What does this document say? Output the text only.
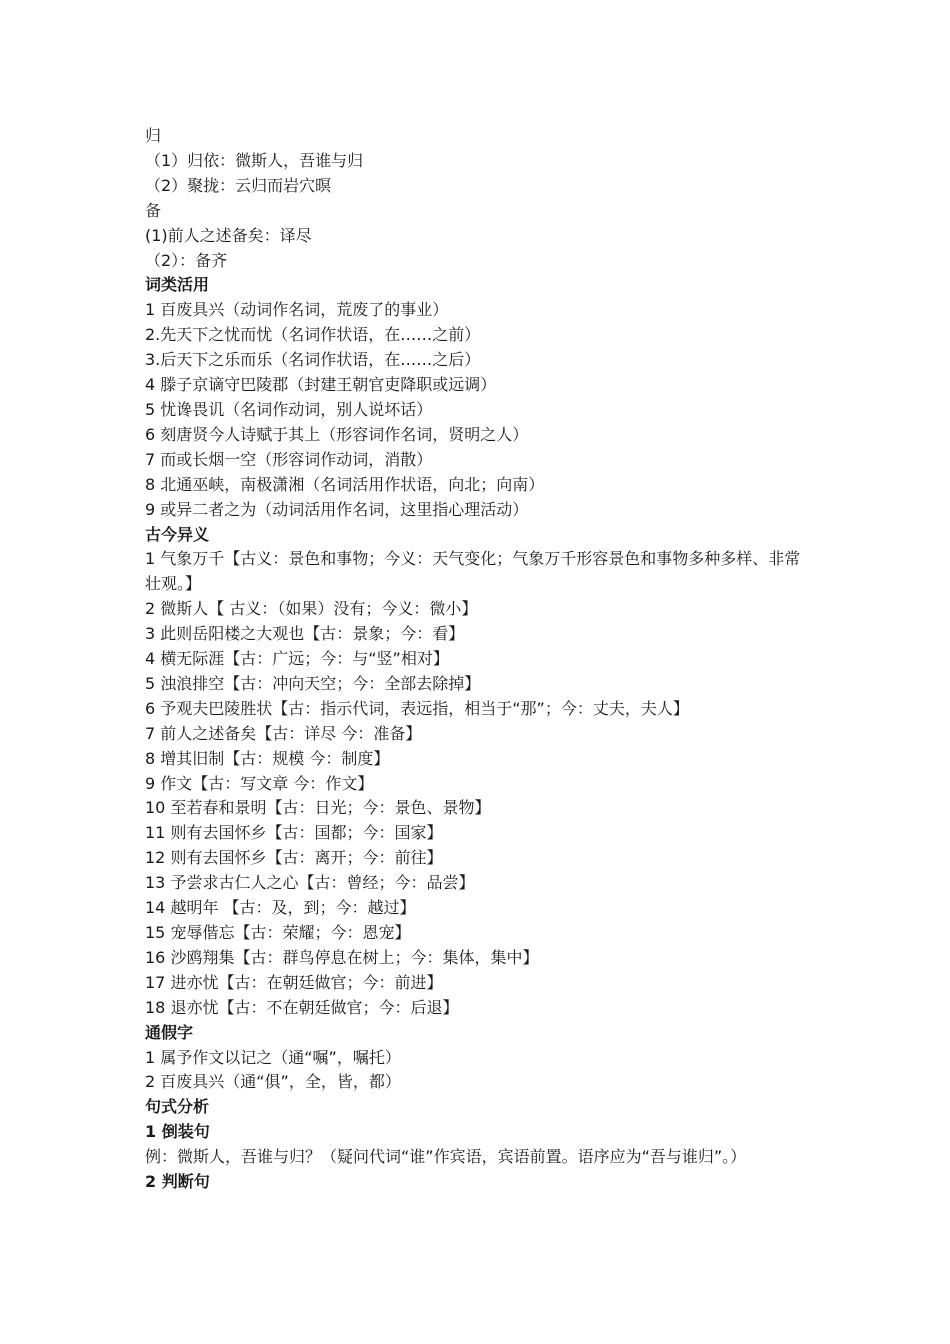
归
（1）归依：微斯人，吾谁与归
（2）聚拢：云归而岩穴暝
备
(1)前人之述备矣：译尽
（2）：备齐
词类活用
1 百废具兴（动词作名词，荒废了的事业）
2.先天下之忧而忧（名词作状语，在……之前）
3.后天下之乐而乐（名词作状语，在……之后）
4 滕子京谪守巴陵郡（封建王朝官吏降职或远调）
5 忧谗畏讥（名词作动词，别人说坏话）
6 刻唐贤今人诗赋于其上（形容词作名词，贤明之人）
7 而或长烟一空（形容词作动词，消散）
8 北通巫峡，南极潇湘（名词活用作状语，向北；向南）
9 或异二者之为（动词活用作名词，这里指心理活动）
古今异义
1 气象万千【古义：景色和事物；今义：天气变化；气象万千形容景色和事物多种多样、非常壮观。】
2 微斯人【 古义：（如果）没有；今义：微小】
3 此则岳阳楼之大观也【古：景象；今：看】
4 横无际涯【古：广远；今：与“竖”相对】
5 浊浪排空【古：冲向天空；今：全部去除掉】
6 予观夫巴陵胜状【古：指示代词，表远指，相当于“那”；今：丈夫，夫人】
7 前人之述备矣【古：详尽 今：准备】
8 增其旧制【古：规模 今：制度】
9 作文【古：写文章 今：作文】
10 至若春和景明【古：日光；今：景色、景物】
11 则有去国怀乡【古：国都；今：国家】
12 则有去国怀乡【古：离开；今：前往】
13 予尝求古仁人之心【古：曾经；今：品尝】
14 越明年 【古：及，到；今：越过】
15 宠辱偕忘【古：荣耀；今：恩宠】
16 沙鸥翔集【古：群鸟停息在树上；今：集体，集中】
17 进亦忧【古：在朝廷做官；今：前进】
18 退亦忧【古：不在朝廷做官；今：后退】
通假字
1 属予作文以记之（通“嘱”，嘱托）
2 百废具兴（通“俱”，全，皆，都）
句式分析
1 倒装句
例：微斯人，吾谁与归？（疑问代词“谁”作宾语，宾语前置。语序应为“吾与谁归”。）
2 判断句
